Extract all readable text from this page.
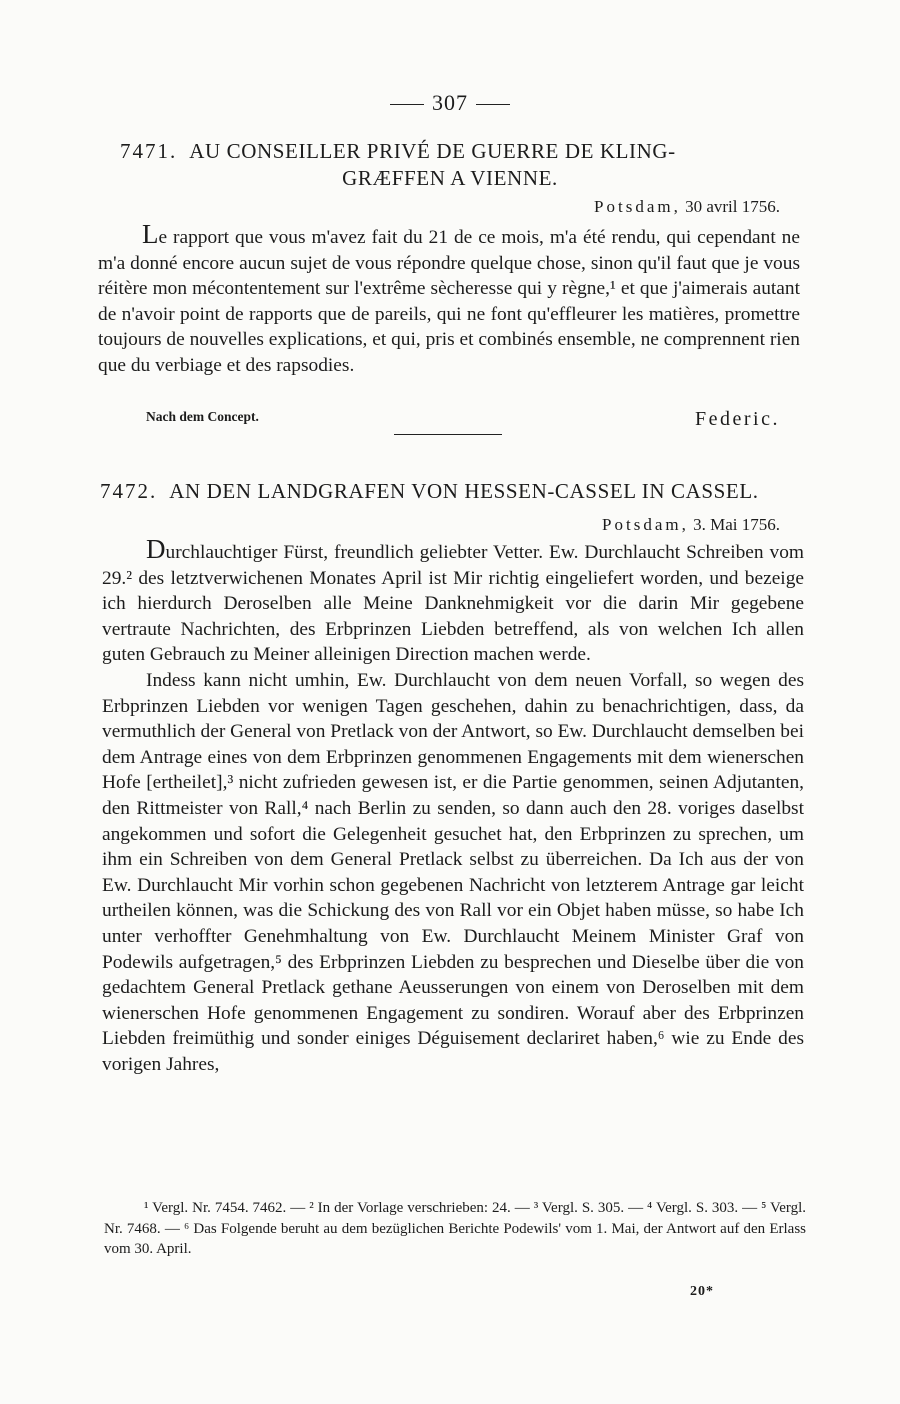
307
7471. AU CONSEILLER PRIVÉ DE GUERRE DE KLING-
GRÆFFEN A VIENNE.
Potsdam, 30 avril 1756.

Le rapport que vous m'avez fait du 21 de ce mois, m'a été rendu, qui cependant ne m'a donné encore aucun sujet de vous répondre quelque chose, sinon qu'il faut que je vous réitère mon mécontentement sur l'extrême sècheresse qui y règne,¹ et que j'aimerais autant de n'avoir point de rapports que de pareils, qui ne font qu'effleurer les matières, promettre toujours de nouvelles explications, et qui, pris et combinés ensemble, ne comprennent rien que du verbiage et des rapsodies.

Nach dem Concept.	Federic.
7472. AN DEN LANDGRAFEN VON HESSEN-CASSEL IN CASSEL.
Potsdam, 3. Mai 1756.

Durchlauchtiger Fürst, freundlich geliebter Vetter. Ew. Durchlaucht Schreiben vom 29.² des letztverwichenen Monates April ist Mir richtig eingeliefert worden, und bezeige ich hierdurch Deroselben alle Meine Danknehmigkeit vor die darin Mir gegebene vertraute Nachrichten, des Erbprinzen Liebden betreffend, als von welchen Ich allen guten Gebrauch zu Meiner alleinigen Direction machen werde.

Indess kann nicht umhin, Ew. Durchlaucht von dem neuen Vorfall, so wegen des Erbprinzen Liebden vor wenigen Tagen geschehen, dahin zu benachrichtigen, dass, da vermuthlich der General von Pretlack von der Antwort, so Ew. Durchlaucht demselben bei dem Antrage eines von dem Erbprinzen genommenen Engagements mit dem wienerschen Hofe [ertheilet],³ nicht zufrieden gewesen ist, er die Partie genommen, seinen Adjutanten, den Rittmeister von Rall,⁴ nach Berlin zu senden, so dann auch den 28. voriges daselbst angekommen und sofort die Gelegenheit gesuchet hat, den Erbprinzen zu sprechen, um ihm ein Schreiben von dem General Pretlack selbst zu überreichen. Da Ich aus der von Ew. Durchlaucht Mir vorhin schon gegebenen Nachricht von letzterem Antrage gar leicht urtheilen können, was die Schickung des von Rall vor ein Objet haben müsse, so habe Ich unter verhoffter Genehmhaltung von Ew. Durchlaucht Meinem Minister Graf von Podewils aufgetragen,⁵ des Erbprinzen Liebden zu besprechen und Dieselbe über die von gedachtem General Pretlack gethane Aeusserungen von einem von Deroselben mit dem wienerschen Hofe genommenen Engagement zu sondiren. Worauf aber des Erbprinzen Liebden freimüthig und sonder einiges Déguisement declariret haben,⁶ wie zu Ende des vorigen Jahres,

¹ Vergl. Nr. 7454. 7462. — ² In der Vorlage verschrieben: 24. — ³ Vergl. S. 305. — ⁴ Vergl. S. 303. — ⁵ Vergl. Nr. 7468. — ⁶ Das Folgende beruht au dem bezüglichen Berichte Podewils' vom 1. Mai, der Antwort auf den Erlass vom 30. April.
20*
